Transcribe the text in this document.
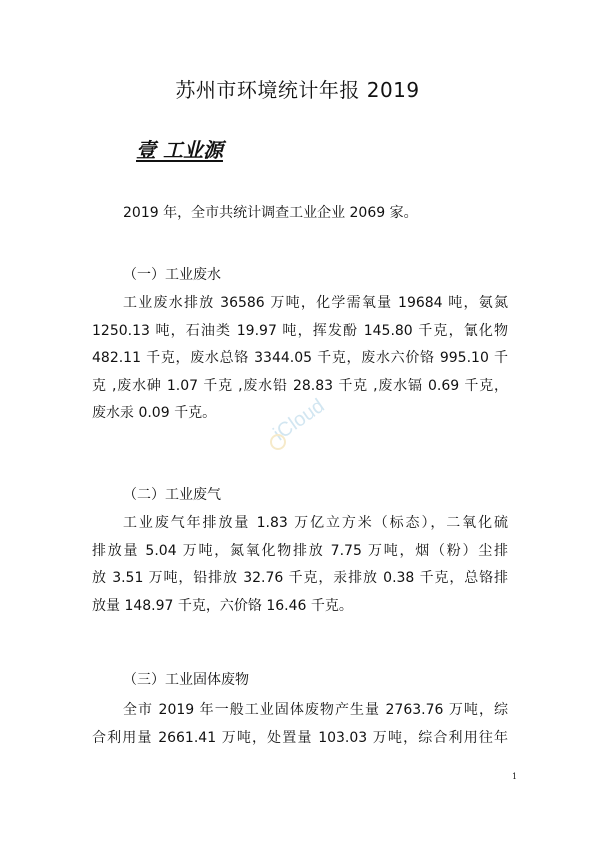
苏州市环境统计年报 2019
壹 工业源
2019 年，全市共统计调查工业企业 2069 家。
（一）工业废水
工业废水排放 36586 万吨，化学需氧量 19684 吨，氨氮
1250.13 吨，石油类 19.97 吨，挥发酚 145.80 千克，氰化物
482.11 千克，废水总铬 3344.05 千克，废水六价铬 995.10 千
克 ,废水砷 1.07 千克 ,废水铅 28.83 千克 ,废水镉 0.69 千克，
废水汞 0.09 千克。
（二）工业废气
工业废气年排放量 1.83 万亿立方米（标态），二氧化硫
排放量 5.04 万吨，氮氧化物排放 7.75 万吨，烟（粉）尘排
放 3.51 万吨，铅排放 32.76 千克，汞排放 0.38 千克，总铬排
放量 148.97 千克，六价铬 16.46 千克。
（三）工业固体废物
全市 2019 年一般工业固体废物产生量 2763.76 万吨，综
合利用量 2661.41 万吨，处置量 103.03 万吨，综合利用往年
iCloud
1
